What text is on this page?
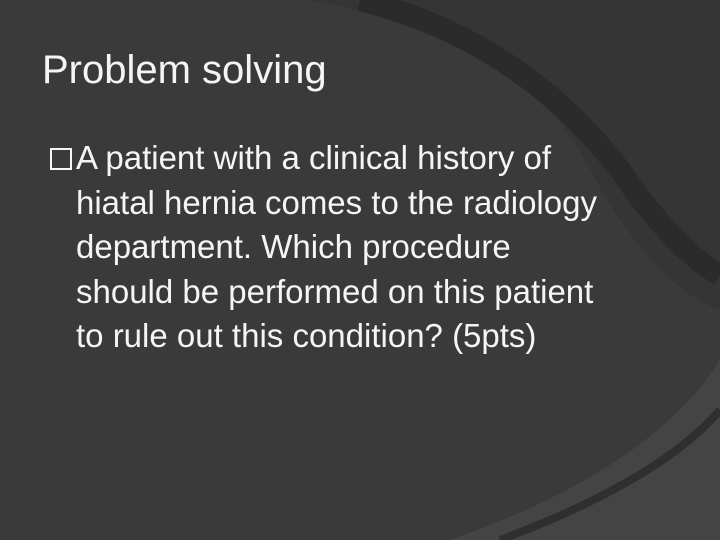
Problem solving
A patient with a clinical history of hiatal hernia comes to the radiology department. Which procedure should be performed on this patient to rule out this condition? (5pts)
